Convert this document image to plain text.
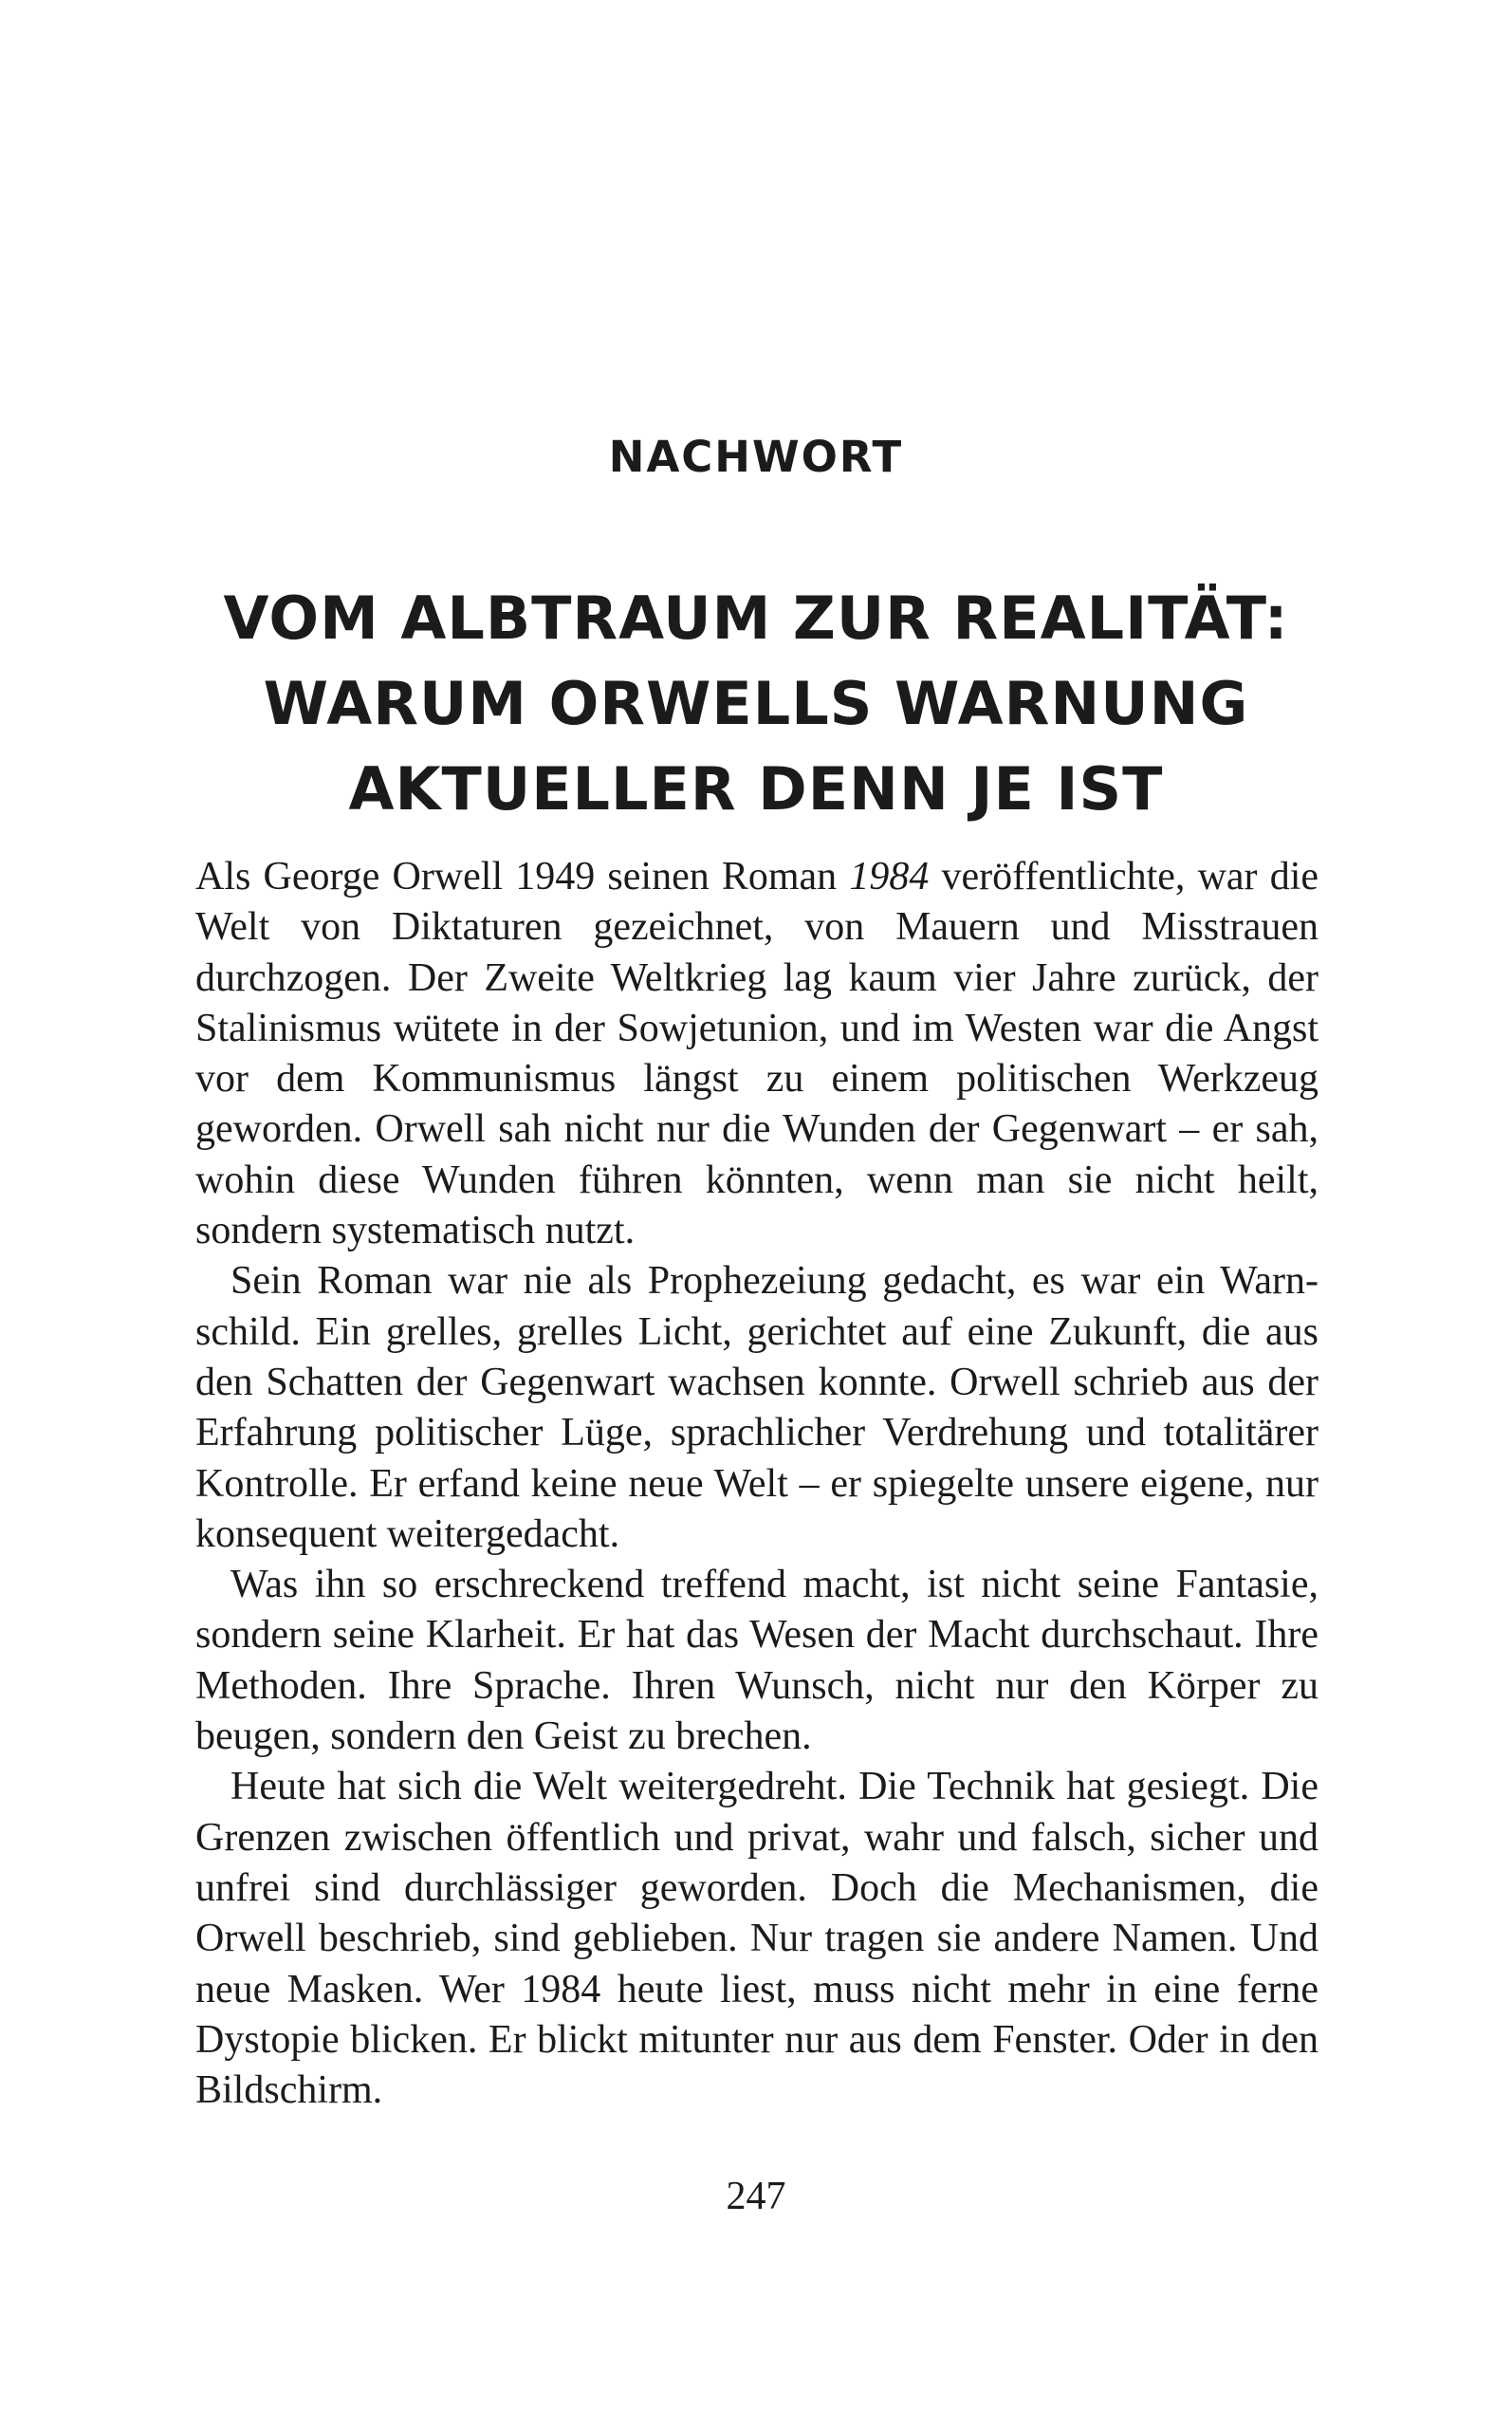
NACHWORT
VOM ALBTRAUM ZUR REALITÄT:
WARUM ORWELLS WARNUNG
AKTUELLER DENN JE IST

Als George Orwell 1949 seinen Roman 1984 veröffentlichte, war die Welt von Diktaturen gezeichnet, von Mauern und Misstrauen durchzogen. Der Zweite Weltkrieg lag kaum vier Jahre zurück, der Stalinismus wütete in der Sowjetunion, und im Westen war die Angst vor dem Kommunismus längst zu einem politischen Werkzeug geworden. Orwell sah nicht nur die Wunden der Gegenwart – er sah, wohin diese Wunden führen könnten, wenn man sie nicht heilt, sondern systematisch nutzt.

Sein Roman war nie als Prophezeiung gedacht, es war ein Warnschild. Ein grelles, grelles Licht, gerichtet auf eine Zukunft, die aus den Schatten der Gegenwart wachsen konnte. Orwell schrieb aus der Erfahrung politischer Lüge, sprachlicher Verdrehung und totalitärer Kontrolle. Er erfand keine neue Welt – er spiegelte unsere eigene, nur konsequent weitergedacht.

Was ihn so erschreckend treffend macht, ist nicht seine Fantasie, sondern seine Klarheit. Er hat das Wesen der Macht durchschaut. Ihre Methoden. Ihre Sprache. Ihren Wunsch, nicht nur den Körper zu beugen, sondern den Geist zu brechen.

Heute hat sich die Welt weitergedreht. Die Technik hat gesiegt. Die Grenzen zwischen öffentlich und privat, wahr und falsch, sicher und unfrei sind durchlässiger geworden. Doch die Mechanismen, die Orwell beschrieb, sind geblieben. Nur tragen sie andere Namen. Und neue Masken. Wer 1984 heute liest, muss nicht mehr in eine ferne Dystopie blicken. Er blickt mitunter nur aus dem Fenster. Oder in den Bildschirm.

247
